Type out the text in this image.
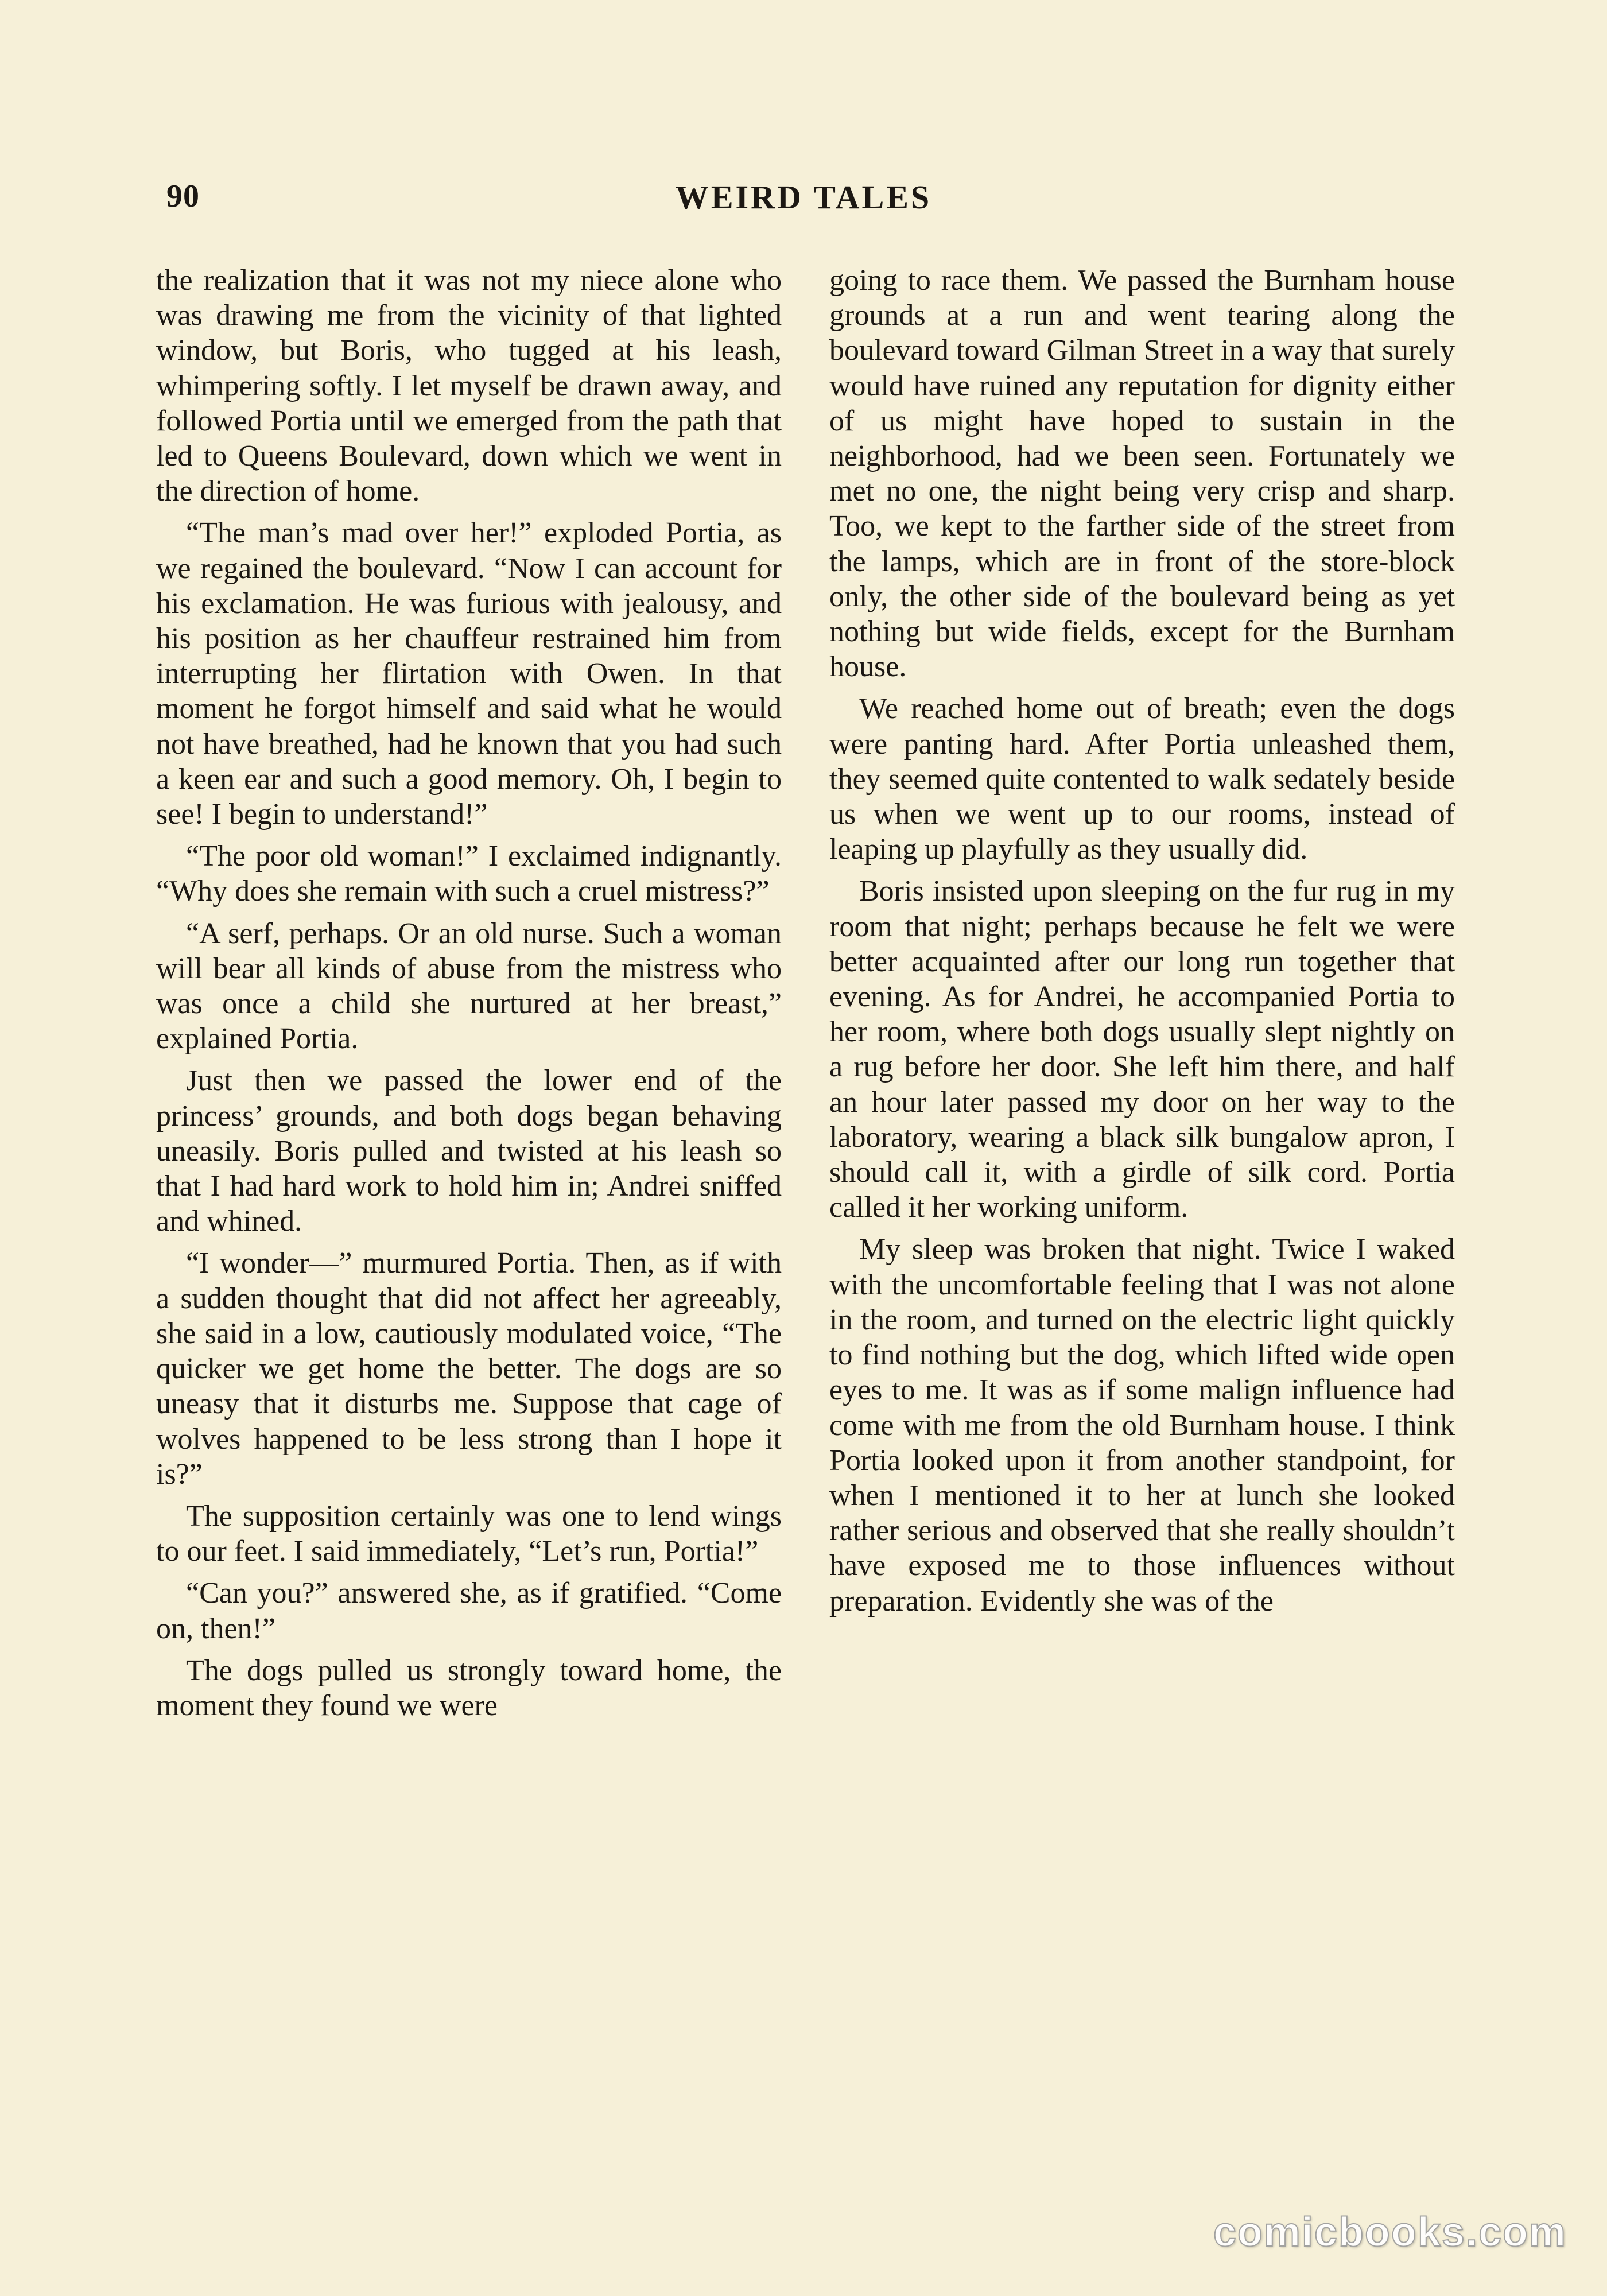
90	WEIRD TALES

the realization that it was not my niece alone who was drawing me from the vicinity of that lighted window, but Boris, who tugged at his leash, whimpering softly. I let myself be drawn away, and followed Portia until we emerged from the path that led to Queens Boulevard, down which we went in the direction of home.

“The man’s mad over her!” exploded Portia, as we regained the boulevard. “Now I can account for his exclamation. He was furious with jealousy, and his position as her chauffeur restrained him from interrupting her flirtation with Owen. In that moment he forgot himself and said what he would not have breathed, had he known that you had such a keen ear and such a good memory. Oh, I begin to see! I begin to understand!”

“The poor old woman!” I exclaimed indignantly. “Why does she remain with such a cruel mistress?”

“A serf, perhaps. Or an old nurse. Such a woman will bear all kinds of abuse from the mistress who was once a child she nurtured at her breast,” explained Portia.

Just then we passed the lower end of the princess’ grounds, and both dogs began behaving uneasily. Boris pulled and twisted at his leash so that I had hard work to hold him in; Andrei sniffed and whined.

“I wonder—” murmured Portia. Then, as if with a sudden thought that did not affect her agreeably, she said in a low, cautiously modulated voice, “The quicker we get home the better. The dogs are so uneasy that it disturbs me. Suppose that cage of wolves happened to be less strong than I hope it is?”

The supposition certainly was one to lend wings to our feet. I said immediately, “Let’s run, Portia!”

“Can you?” answered she, as if gratified. “Come on, then!”

The dogs pulled us strongly toward home, the moment they found we were

going to race them. We passed the Burnham house grounds at a run and went tearing along the boulevard toward Gilman Street in a way that surely would have ruined any reputation for dignity either of us might have hoped to sustain in the neighborhood, had we been seen. Fortunately we met no one, the night being very crisp and sharp. Too, we kept to the farther side of the street from the lamps, which are in front of the store-block only, the other side of the boulevard being as yet nothing but wide fields, except for the Burnham house.

We reached home out of breath; even the dogs were panting hard. After Portia unleashed them, they seemed quite contented to walk sedately beside us when we went up to our rooms, instead of leaping up playfully as they usually did.

Boris insisted upon sleeping on the fur rug in my room that night; perhaps because he felt we were better acquainted after our long run together that evening. As for Andrei, he accompanied Portia to her room, where both dogs usually slept nightly on a rug before her door. She left him there, and half an hour later passed my door on her way to the laboratory, wearing a black silk bungalow apron, I should call it, with a girdle of silk cord. Portia called it her working uniform.

My sleep was broken that night. Twice I waked with the uncomfortable feeling that I was not alone in the room, and turned on the electric light quickly to find nothing but the dog, which lifted wide open eyes to me. It was as if some malign influence had come with me from the old Burnham house. I think Portia looked upon it from another standpoint, for when I mentioned it to her at lunch she looked rather serious and observed that she really shouldn’t have exposed me to those influences without preparation. Evidently she was of the

comicbooks.com
